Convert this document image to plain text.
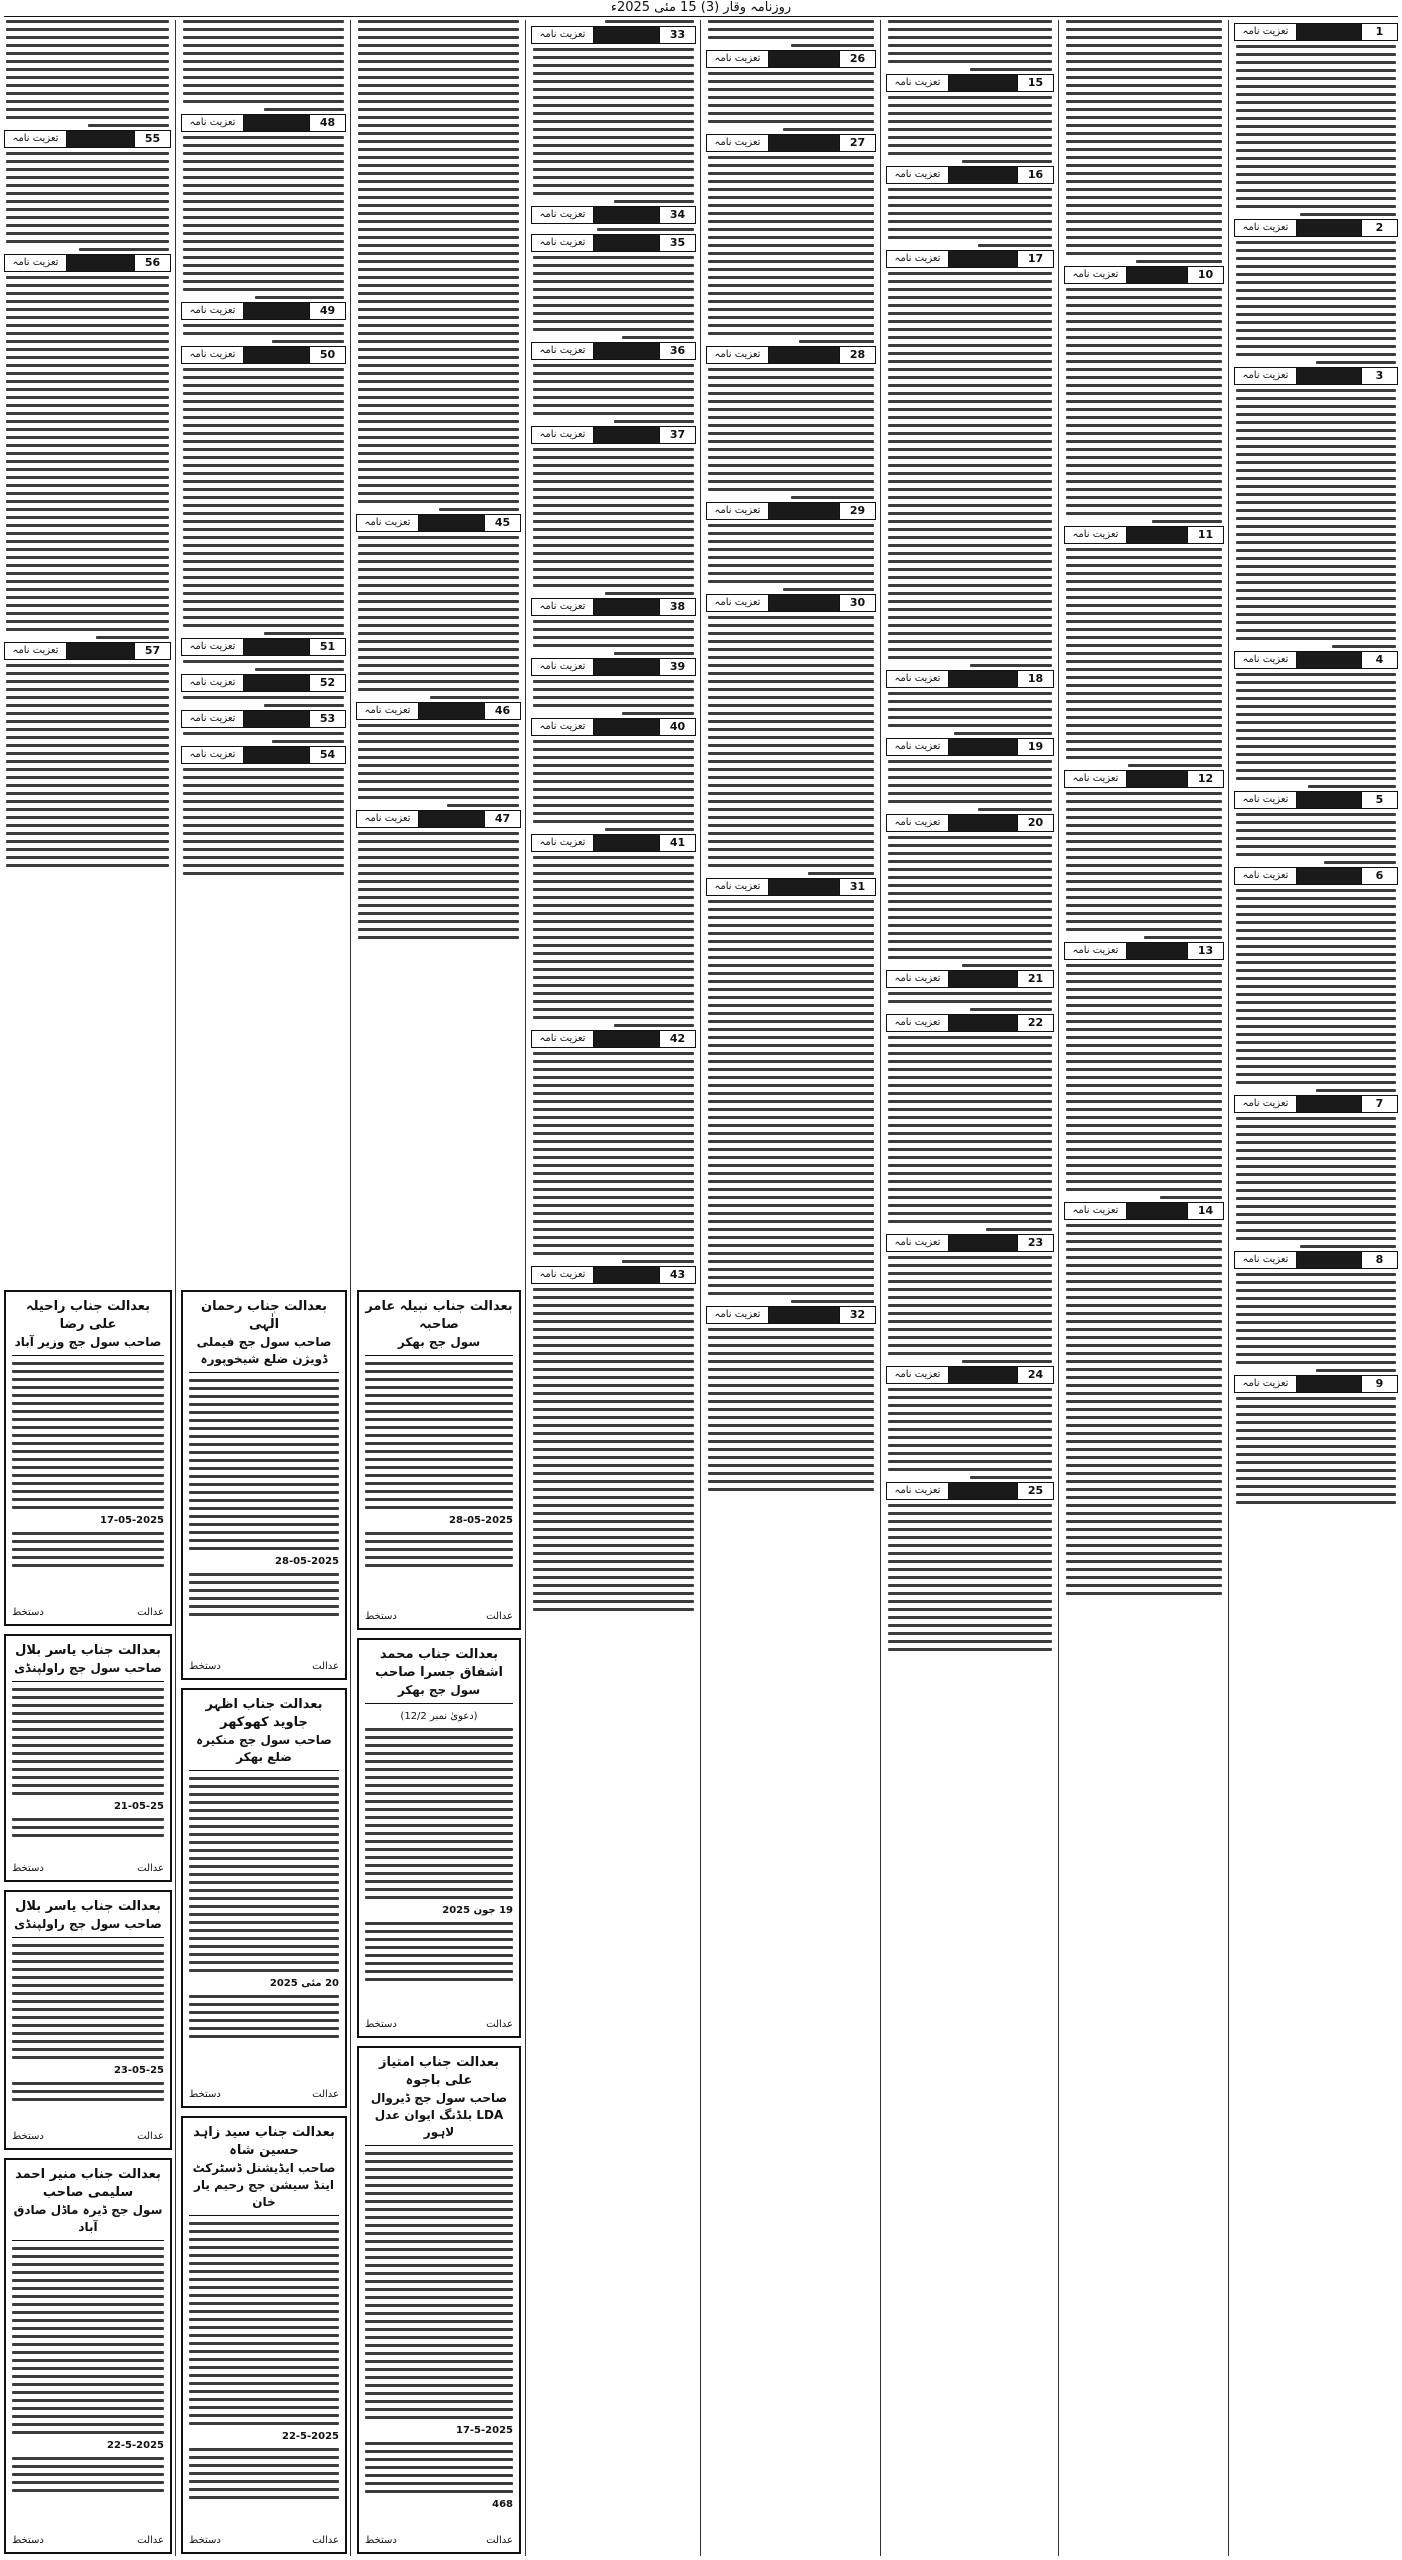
روزنامہ وقار (3) 15 مئی 2025ء
1
تعزیت نامہ
2
تعزیت نامہ
3
تعزیت نامہ
4
تعزیت نامہ
5
تعزیت نامہ
6
تعزیت نامہ
7
تعزیت نامہ
8
تعزیت نامہ
9
تعزیت نامہ
10
تعزیت نامہ
11
تعزیت نامہ
12
تعزیت نامہ
13
تعزیت نامہ
14
تعزیت نامہ
15
تعزیت نامہ
16
تعزیت نامہ
17
تعزیت نامہ
18
تعزیت نامہ
19
تعزیت نامہ
20
تعزیت نامہ
21
تعزیت نامہ
22
تعزیت نامہ
23
تعزیت نامہ
24
تعزیت نامہ
25
تعزیت نامہ
26
تعزیت نامہ
27
تعزیت نامہ
28
تعزیت نامہ
29
تعزیت نامہ
30
تعزیت نامہ
31
تعزیت نامہ
32
تعزیت نامہ
33
تعزیت نامہ
34
تعزیت نامہ
35
تعزیت نامہ
36
تعزیت نامہ
37
تعزیت نامہ
38
تعزیت نامہ
39
تعزیت نامہ
40
تعزیت نامہ
41
تعزیت نامہ
42
تعزیت نامہ
43
تعزیت نامہ
45
تعزیت نامہ
46
تعزیت نامہ
47
تعزیت نامہ
48
تعزیت نامہ
49
تعزیت نامہ
50
تعزیت نامہ
51
تعزیت نامہ
52
تعزیت نامہ
53
تعزیت نامہ
54
تعزیت نامہ
55
تعزیت نامہ
56
تعزیت نامہ
57
تعزیت نامہ
بعدالت جناب نبیلہ عامر صاحبہ
سول جج بھکر
28-05-2025
عدالت
دستخط
بعدالت جناب محمد اشفاق جسرا صاحب
سول جج بھکر
(دعویٰ نمبر 12/2)
19 جون 2025
عدالت
دستخط
بعدالت جناب امتیاز علی باجوہ
صاحب سول جج ڈیروال LDA بلڈنگ ایوان عدل لاہور
17-5-2025
468
عدالت
دستخط
بعدالت جناب رحمان الٰہی
صاحب سول جج فیملی ڈویژن ضلع شیخوپورہ
28-05-2025
عدالت
دستخط
بعدالت جناب اظہر جاوید کھوکھر
صاحب سول جج منکیرہ ضلع بھکر
20 مئی 2025
عدالت
دستخط
بعدالت جناب سید زاہد حسین شاہ
صاحب ایڈیشنل ڈسٹرکٹ اینڈ سیشن جج رحیم یار خان
22-5-2025
عدالت
دستخط
بعدالت جناب راحیلہ علی رضا
صاحب سول جج وزیر آباد
17-05-2025
عدالت
دستخط
بعدالت جناب یاسر بلال
صاحب سول جج راولپنڈی
21-05-25
عدالت
دستخط
بعدالت جناب یاسر بلال
صاحب سول جج راولپنڈی
23-05-25
عدالت
دستخط
بعدالت جناب منیر احمد سلیمی صاحب
سول جج ڈیرہ ماڈل صادق آباد
22-5-2025
عدالت
دستخط
